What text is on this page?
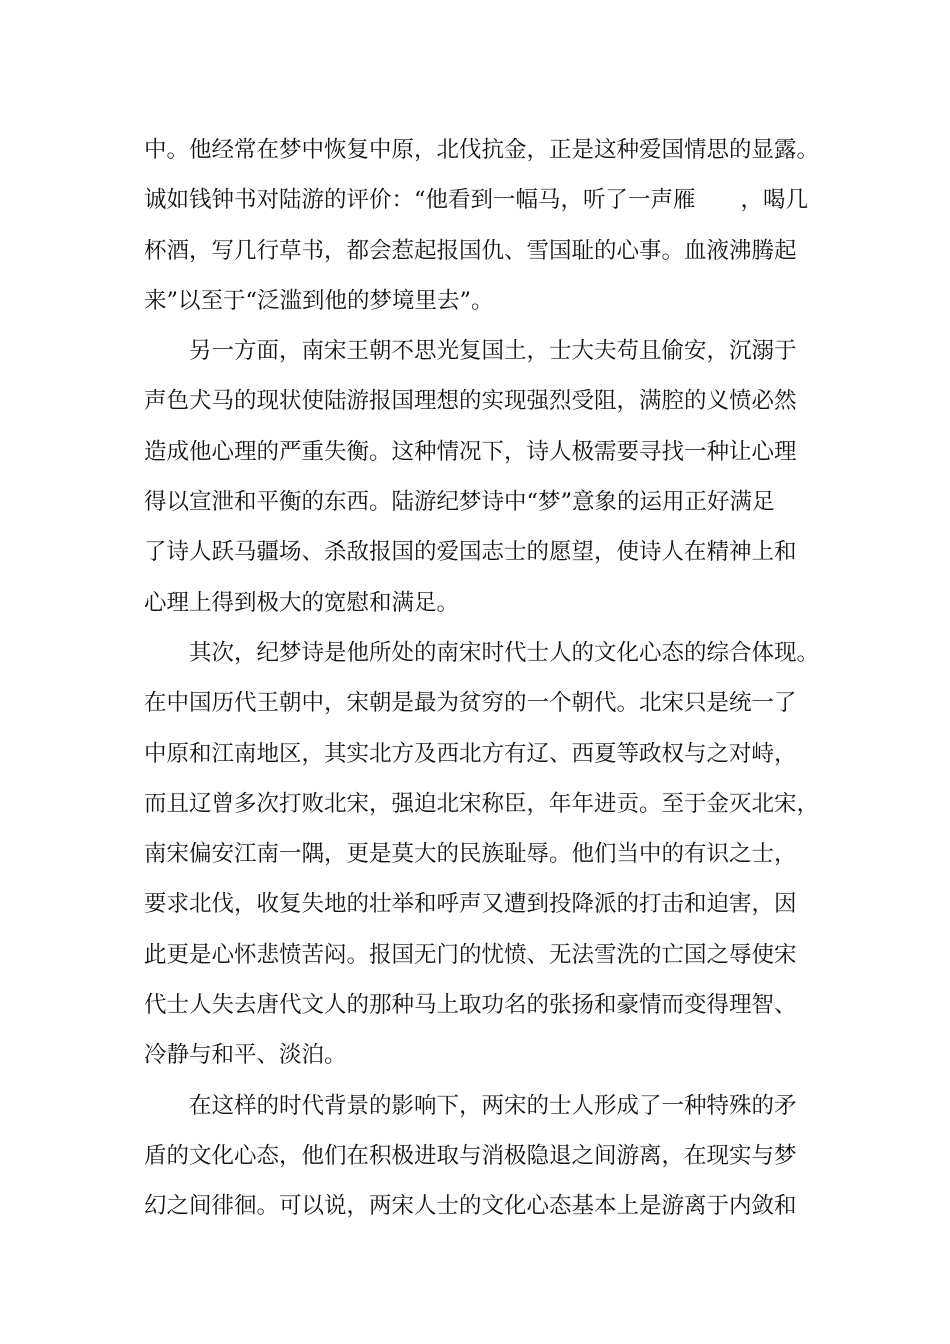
中。他经常在梦中恢复中原，北伐抗金，正是这种爱国情思的显露。
诚如钱钟书对陆游的评价：“他看到一幅马，听了一声雁　　，喝几
杯酒，写几行草书，都会惹起报国仇、雪国耻的心事。血液沸腾起
来”以至于“泛滥到他的梦境里去”。
另一方面，南宋王朝不思光复国土，士大夫苟且偷安，沉溺于
声色犬马的现状使陆游报国理想的实现强烈受阻，满腔的义愤必然
造成他心理的严重失衡。这种情况下，诗人极需要寻找一种让心理
得以宣泄和平衡的东西。陆游纪梦诗中“梦”意象的运用正好满足
了诗人跃马疆场、杀敌报国的爱国志士的愿望，使诗人在精神上和
心理上得到极大的宽慰和满足。
其次，纪梦诗是他所处的南宋时代士人的文化心态的综合体现。
在中国历代王朝中，宋朝是最为贫穷的一个朝代。北宋只是统一了
中原和江南地区，其实北方及西北方有辽、西夏等政权与之对峙，
而且辽曾多次打败北宋，强迫北宋称臣，年年进贡。至于金灭北宋，
南宋偏安江南一隅，更是莫大的民族耻辱。他们当中的有识之士，
要求北伐，收复失地的壮举和呼声又遭到投降派的打击和迫害，因
此更是心怀悲愤苦闷。报国无门的忧愤、无法雪洗的亡国之辱使宋
代士人失去唐代文人的那种马上取功名的张扬和豪情而变得理智、
冷静与和平、淡泊。
在这样的时代背景的影响下，两宋的士人形成了一种特殊的矛
盾的文化心态，他们在积极进取与消极隐退之间游离，在现实与梦
幻之间徘徊。可以说，两宋人士的文化心态基本上是游离于内敛和
